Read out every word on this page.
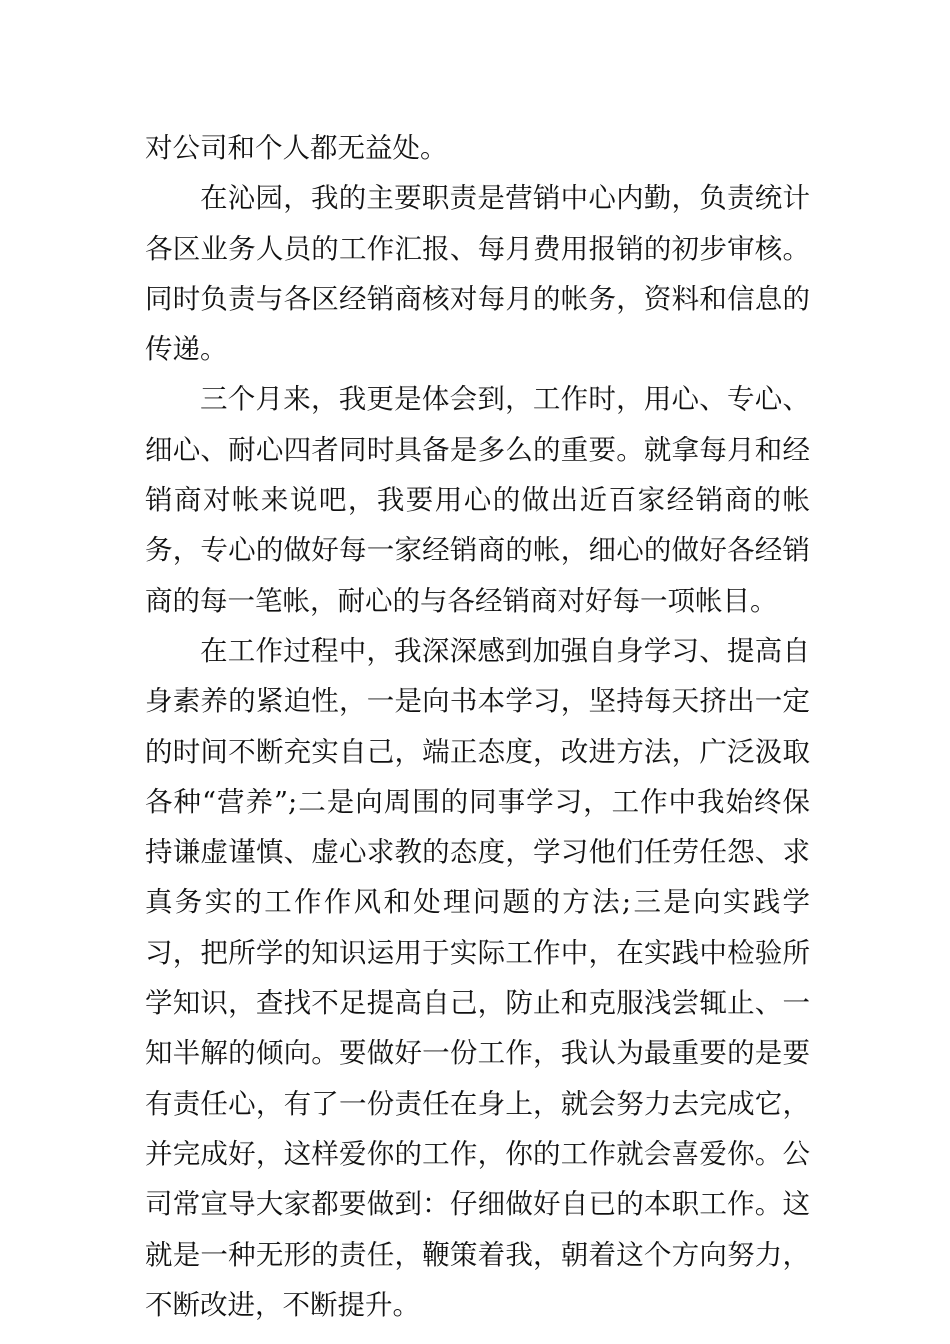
对公司和个人都无益处。

在沁园，我的主要职责是营销中心内勤，负责统计各区业务人员的工作汇报、每月费用报销的初步审核。同时负责与各区经销商核对每月的帐务，资料和信息的传递。

三个月来，我更是体会到，工作时，用心、专心、细心、耐心四者同时具备是多么的重要。就拿每月和经销商对帐来说吧，我要用心的做出近百家经销商的帐务，专心的做好每一家经销商的帐，细心的做好各经销商的每一笔帐，耐心的与各经销商对好每一项帐目。

在工作过程中，我深深感到加强自身学习、提高自身素养的紧迫性，一是向书本学习，坚持每天挤出一定的时间不断充实自己，端正态度，改进方法，广泛汲取各种“营养”;二是向周围的同事学习，工作中我始终保持谦虚谨慎、虚心求教的态度，学习他们任劳任怨、求真务实的工作作风和处理问题的方法;三是向实践学习，把所学的知识运用于实际工作中，在实践中检验所学知识，查找不足提高自己，防止和克服浅尝辄止、一知半解的倾向。要做好一份工作，我认为最重要的是要有责任心，有了一份责任在身上，就会努力去完成它，并完成好，这样爱你的工作，你的工作就会喜爱你。公司常宣导大家都要做到：仔细做好自已的本职工作。这就是一种无形的责任，鞭策着我，朝着这个方向努力，不断改进，不断提升。
